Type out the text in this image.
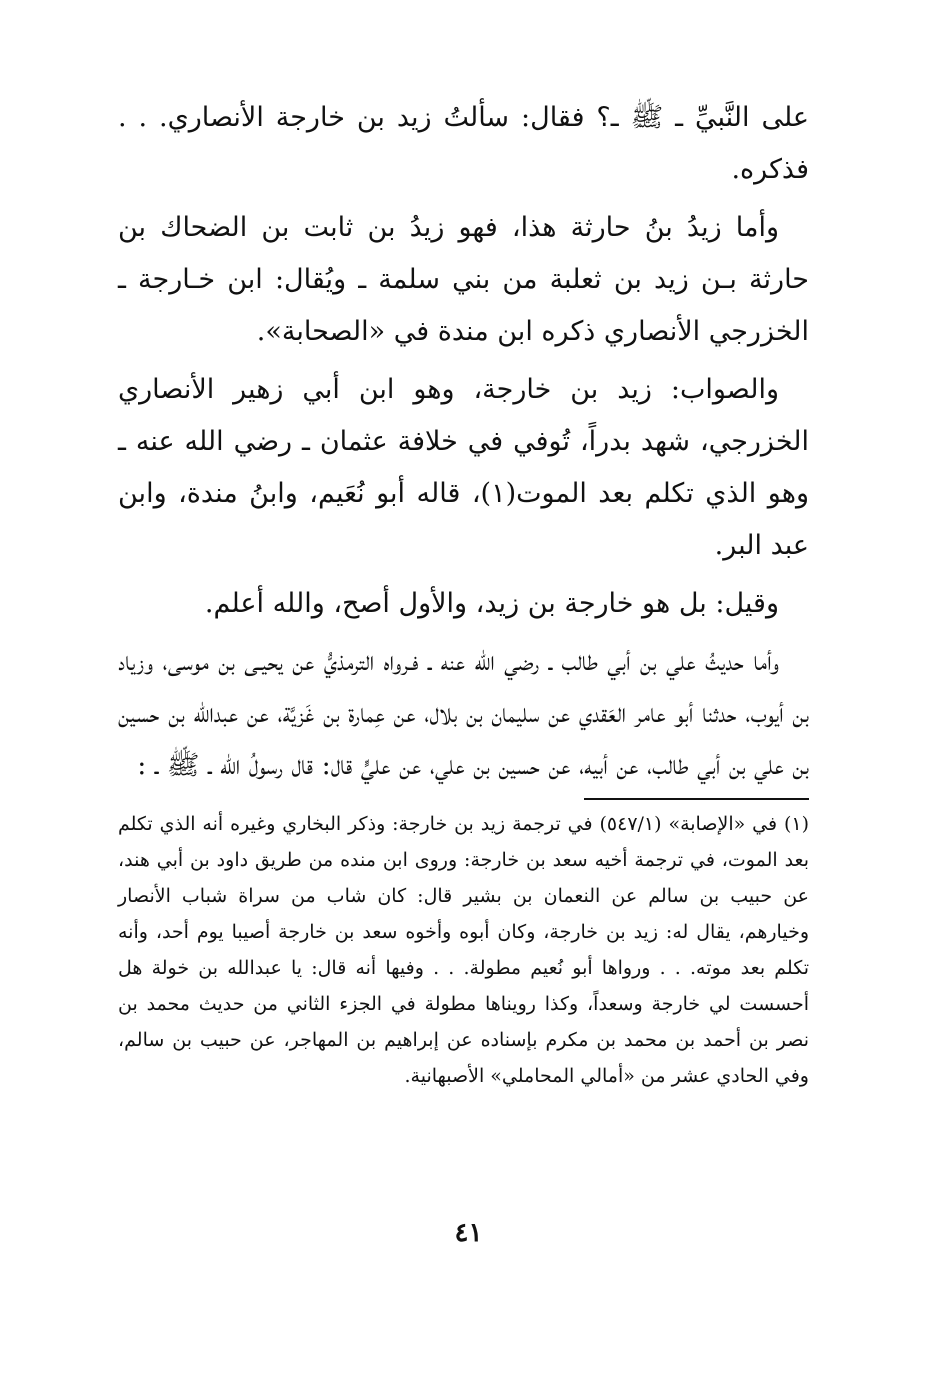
على النَّبيِّ ـ ﷺ ـ؟ فقال: سألتُ زيد بن خارجة الأنصاري. . . فذكره.

وأما زيدُ بنُ حارثة هذا، فهو زيدُ بن ثابت بن الضحاك بن حارثة بـن زيد بن ثعلبة من بني سلمة ـ ويُقال: ابن خـارجة ـ الخزرجي الأنصاري ذكره ابن مندة في «الصحابة».

والصواب: زيد بن خارجة، وهو ابن أبي زهير الأنصاري الخزرجي، شهد بدراً، تُوفي في خلافة عثمان ـ رضي الله عنه ـ وهو الذي تكلم بعد الموت(١)، قاله أبو نُعَيم، وابنُ مندة، وابن عبد البر.

وقيل: بل هو خارجة بن زيد، والأول أصح، والله أعلم.

وأما حديثُ علي بن أبي طالب ـ رضي الله عنه ـ فـرواه الترمذيُّ عن يحيـى بن موسى، وزياد بن أيوب، حدثنا أبو عامر العَقدي عن سليمان بن بلال، عن عِمارة بن غَزيَّة، عن عبدالله بن حسين بن علي بن أبي طالب، عن أبيه، عن حسين بن علي، عن عليٍّ قال: قال رسولُ الله ـ ﷺ ـ :

(١) في «الإصابة» (٥٤٧/١) في ترجمة زيد بن خارجة: وذكر البخاري وغيره أنه الذي تكلم بعد الموت، في ترجمة أخيه سعد بن خارجة: وروى ابن منده من طريق داود بن أبي هند، عن حبيب بن سالم عن النعمان بن بشير قال: كان شاب من سراة شباب الأنصار وخيارهم، يقال له: زيد بن خارجة، وكان أبوه وأخوه سعد بن خارجة أصيبا يوم أحد، وأنه تكلم بعد موته. . . ورواها أبو نُعيم مطولة. . . وفيها أنه قال: يا عبدالله بن خولة هل أحسست لي خارجة وسعداً، وكذا رويناها مطولة في الجزء الثاني من حديث محمد بن نصر بن أحمد بن محمد بن مكرم بإسناده عن إبراهيم بن المهاجر، عن حبيب بن سالم، وفي الحادي عشر من «أمالي المحاملي» الأصبهانية.

٤١
